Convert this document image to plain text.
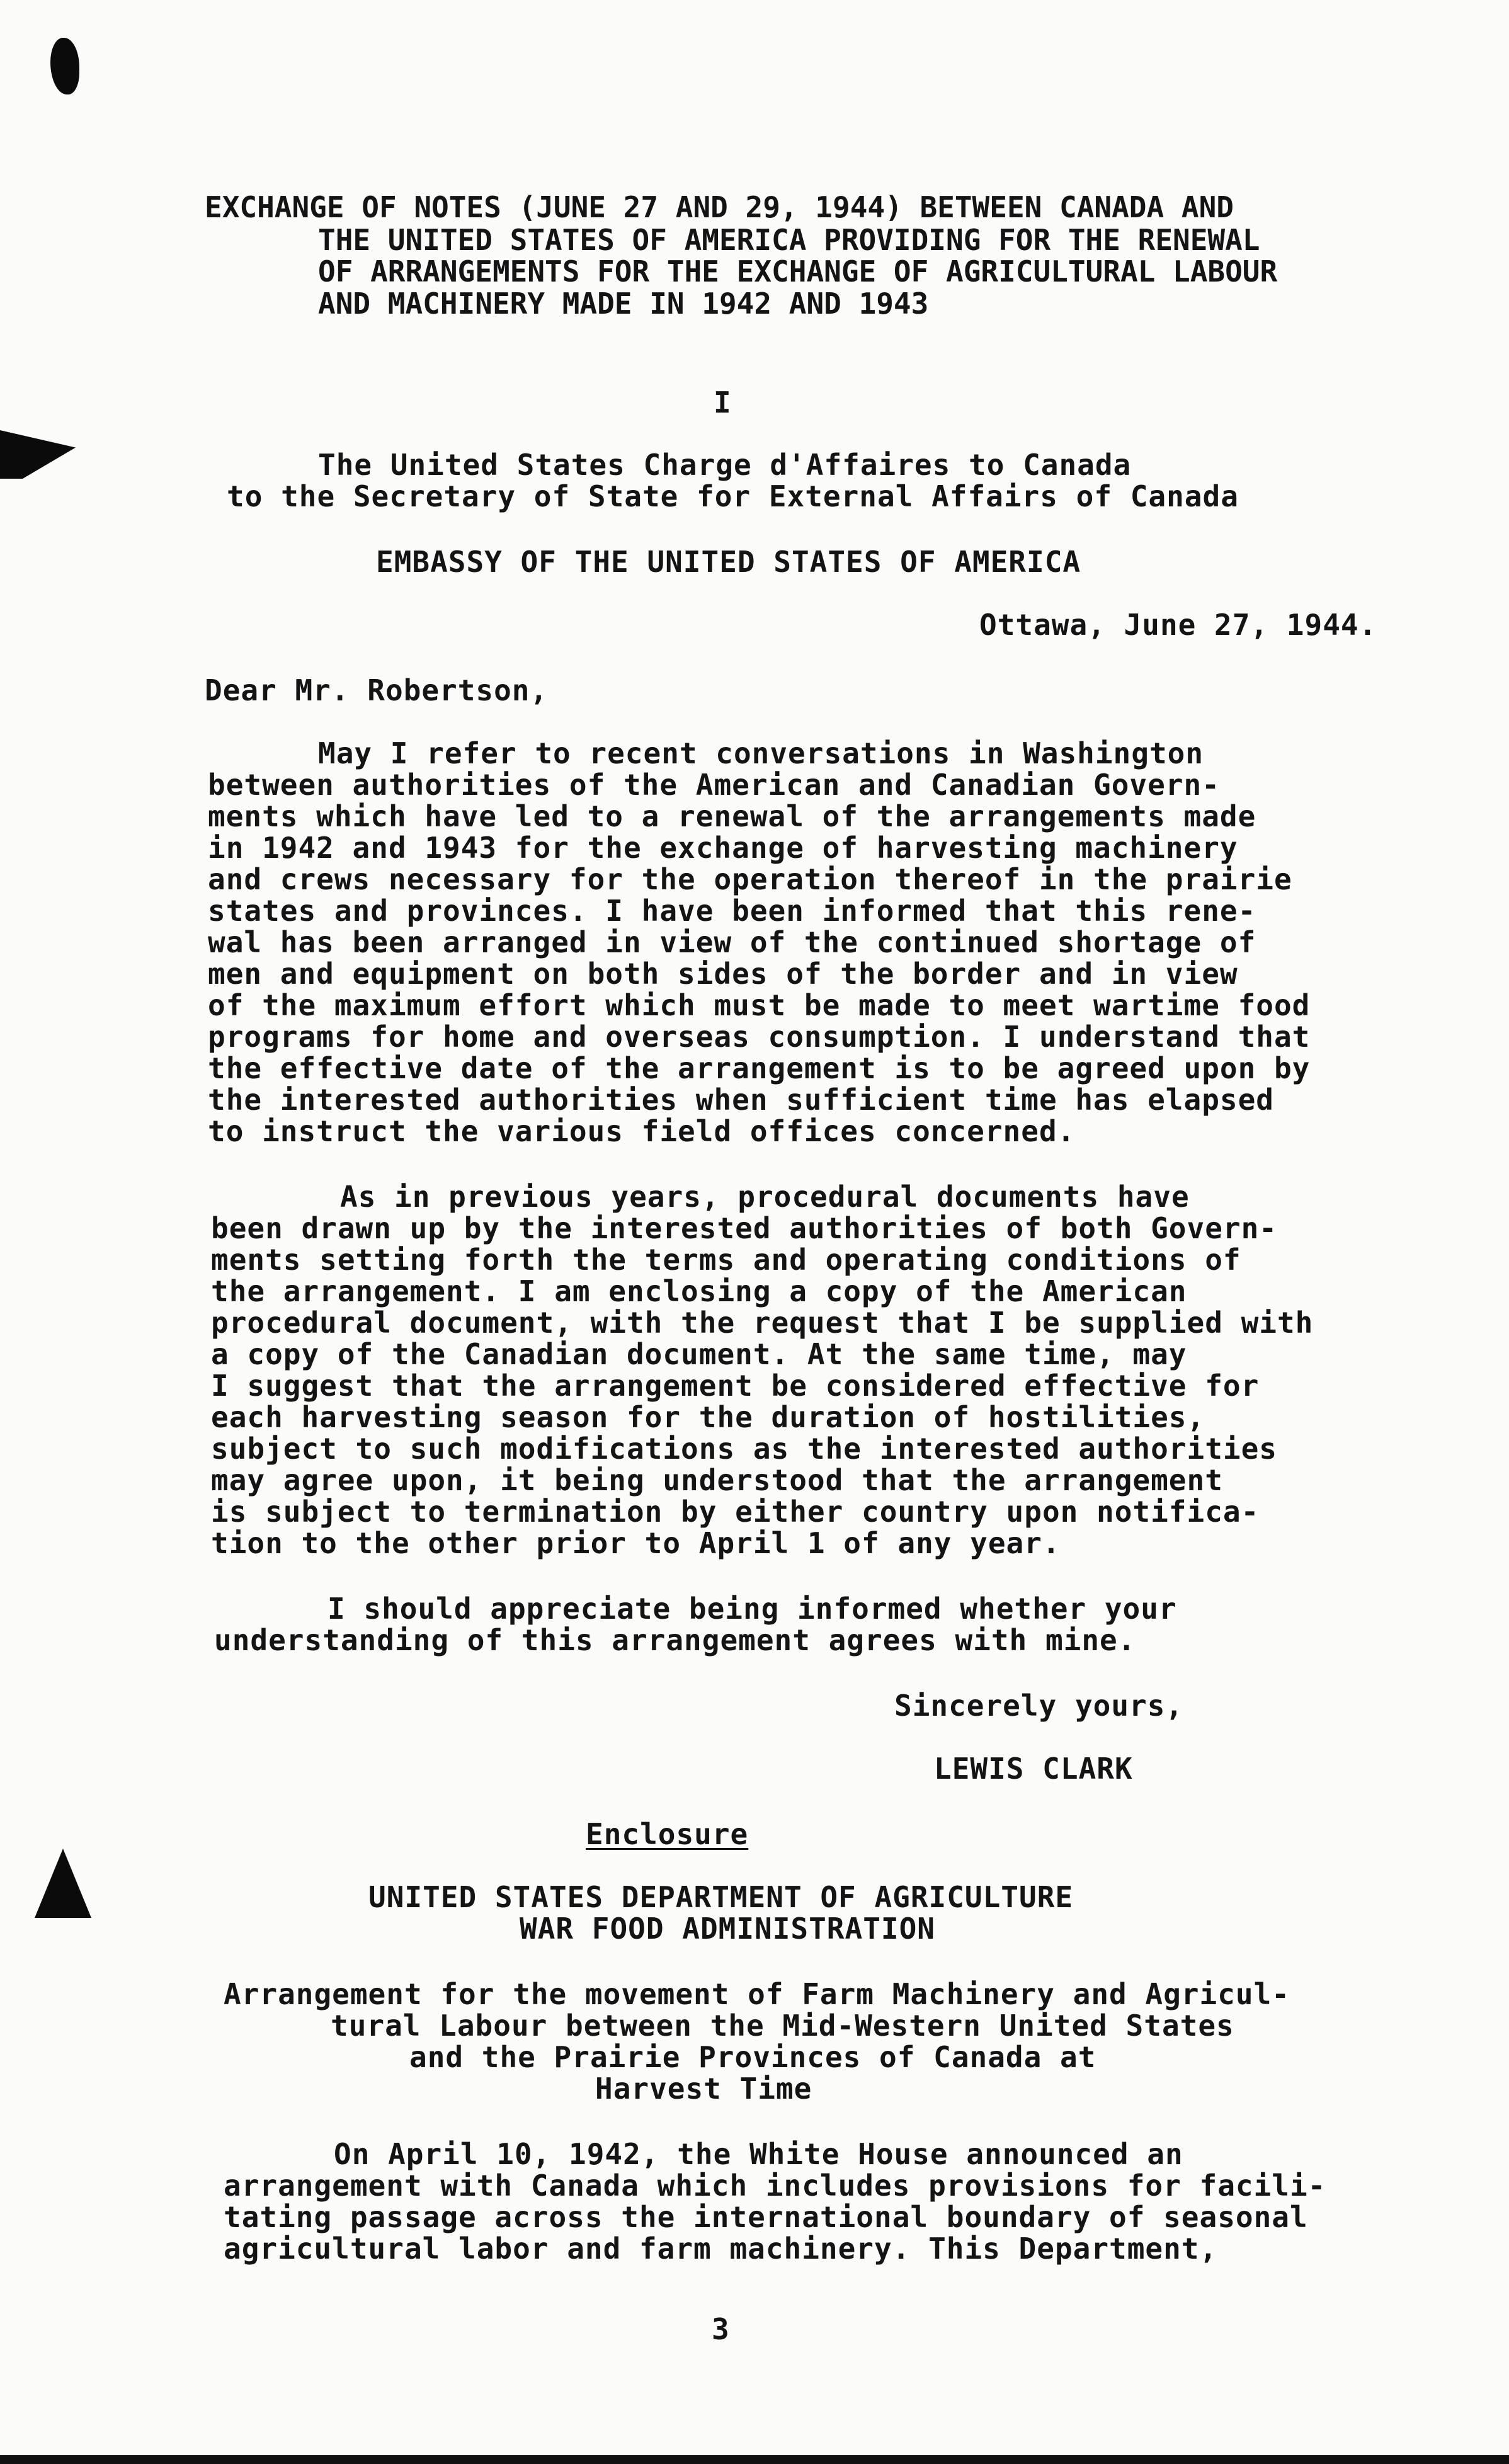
EXCHANGE OF NOTES (JUNE 27 AND 29, 1944) BETWEEN CANADA AND
THE UNITED STATES OF AMERICA PROVIDING FOR THE RENEWAL
OF ARRANGEMENTS FOR THE EXCHANGE OF AGRICULTURAL LABOUR
AND MACHINERY MADE IN 1942 AND 1943
I
The United States Charge d'Affaires to Canada
to the Secretary of State for External Affairs of Canada
EMBASSY OF THE UNITED STATES OF AMERICA
Ottawa, June 27, 1944.
Dear Mr. Robertson,
May I refer to recent conversations in Washington
between authorities of the American and Canadian Govern-
ments which have led to a renewal of the arrangements made
in 1942 and 1943 for the exchange of harvesting machinery
and crews necessary for the operation thereof in the prairie
states and provinces. I have been informed that this rene-
wal has been arranged in view of the continued shortage of
men and equipment on both sides of the border and in view
of the maximum effort which must be made to meet wartime food
programs for home and overseas consumption. I understand that
the effective date of the arrangement is to be agreed upon by
the interested authorities when sufficient time has elapsed
to instruct the various field offices concerned.
As in previous years, procedural documents have
been drawn up by the interested authorities of both Govern-
ments setting forth the terms and operating conditions of
the arrangement. I am enclosing a copy of the American
procedural document, with the request that I be supplied with
a copy of the Canadian document. At the same time, may
I suggest that the arrangement be considered effective for
each harvesting season for the duration of hostilities,
subject to such modifications as the interested authorities
may agree upon, it being understood that the arrangement
is subject to termination by either country upon notifica-
tion to the other prior to April 1 of any year.
I should appreciate being informed whether your
understanding of this arrangement agrees with mine.
Sincerely yours,
LEWIS CLARK
Enclosure
UNITED STATES DEPARTMENT OF AGRICULTURE
WAR FOOD ADMINISTRATION
Arrangement for the movement of Farm Machinery and Agricul-
tural Labour between the Mid-Western United States
and the Prairie Provinces of Canada at
Harvest Time
On April 10, 1942, the White House announced an
arrangement with Canada which includes provisions for facili-
tating passage across the international boundary of seasonal
agricultural labor and farm machinery. This Department,
3
